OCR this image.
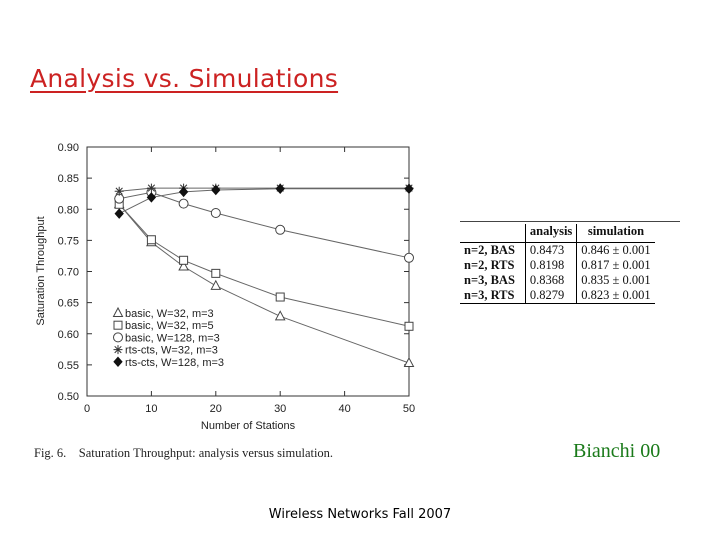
Analysis vs. Simulations
0	10	20	30	40	50
0.50
0.55
0.60
0.65
0.70
0.75
0.80
0.85
0.90
Number of Stations
Saturation Throughput	basic, W=32, m=3
basic, W=32, m=5
basic, W=128, m=3
rts-cts, W=32, m=3
rts-cts, W=128, m=3
	analysis	simulation
n=2, BAS	0.8473	0.846 ± 0.001
n=2, RTS	0.8198	0.817 ± 0.001
n=3, BAS	0.8368	0.835 ± 0.001
n=3, RTS	0.8279	0.823 ± 0.001
Fig. 6.    Saturation Throughput: analysis versus simulation.	Bianchi 00
Wireless Networks Fall 2007
